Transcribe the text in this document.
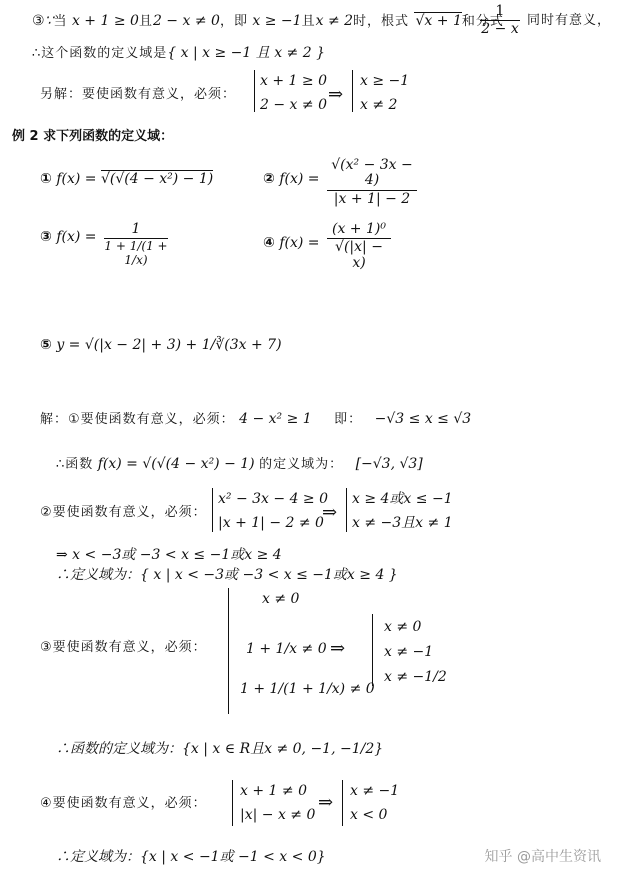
③∵当 x + 1 ≥ 0且2 − x ≠ 0，即 x ≥ −1且x ≠ 2时，根式 √x + 1和分式
1
2 − x
同时有意义，
∴这个函数的定义域是{ x | x ≥ −1 且 x ≠ 2 }
另解：要使函数有意义，必须：
x + 1 ≥ 0
2 − x ≠ 0 ⇒
x ≥ −1
x ≠ 2
例 2 求下列函数的定义域：
① f(x) = √(√(4 − x²) − 1)	② f(x) =
√(x² − 3x − 4)
|x + 1| − 2
③ f(x) =	1
1 + 1/(1 + 1/x)
④ f(x) =
(x + 1)⁰
√(|x| − x)
⑤ y = √(|x − 2| + 3) + 1/∛(3x + 7)
解：①要使函数有意义，必须： 4 − x² ≥ 1 即： −√3 ≤ x ≤ √3
∴函数 f(x) = √(√(4 − x²) − 1) 的定义域为： [−√3, √3]
②要使函数有意义，必须：
x² − 3x − 4 ≥ 0
|x + 1| − 2 ≠ 0
⇒
x ≥ 4或x ≤ −1
x ≠ −3且x ≠ 1
⇒ x < −3或 −3 < x ≤ −1或x ≥ 4
∴定义域为：{ x | x < −3或 −3 < x ≤ −1或x ≥ 4 }
③要使函数有意义，必须：
x ≠ 0
1 + 1/x ≠ 0
1 + 1/(1 + 1/x) ≠ 0
⇒
x ≠ 0
x ≠ −1
x ≠ −1/2
∴函数的定义域为：{x | x ∈ R且x ≠ 0, −1, −1/2}
④要使函数有意义，必须：
x + 1 ≠ 0
|x| − x ≠ 0
⇒
x ≠ −1
x < 0
∴定义域为：{x | x < −1或 −1 < x < 0}	知乎 @高中生资讯
